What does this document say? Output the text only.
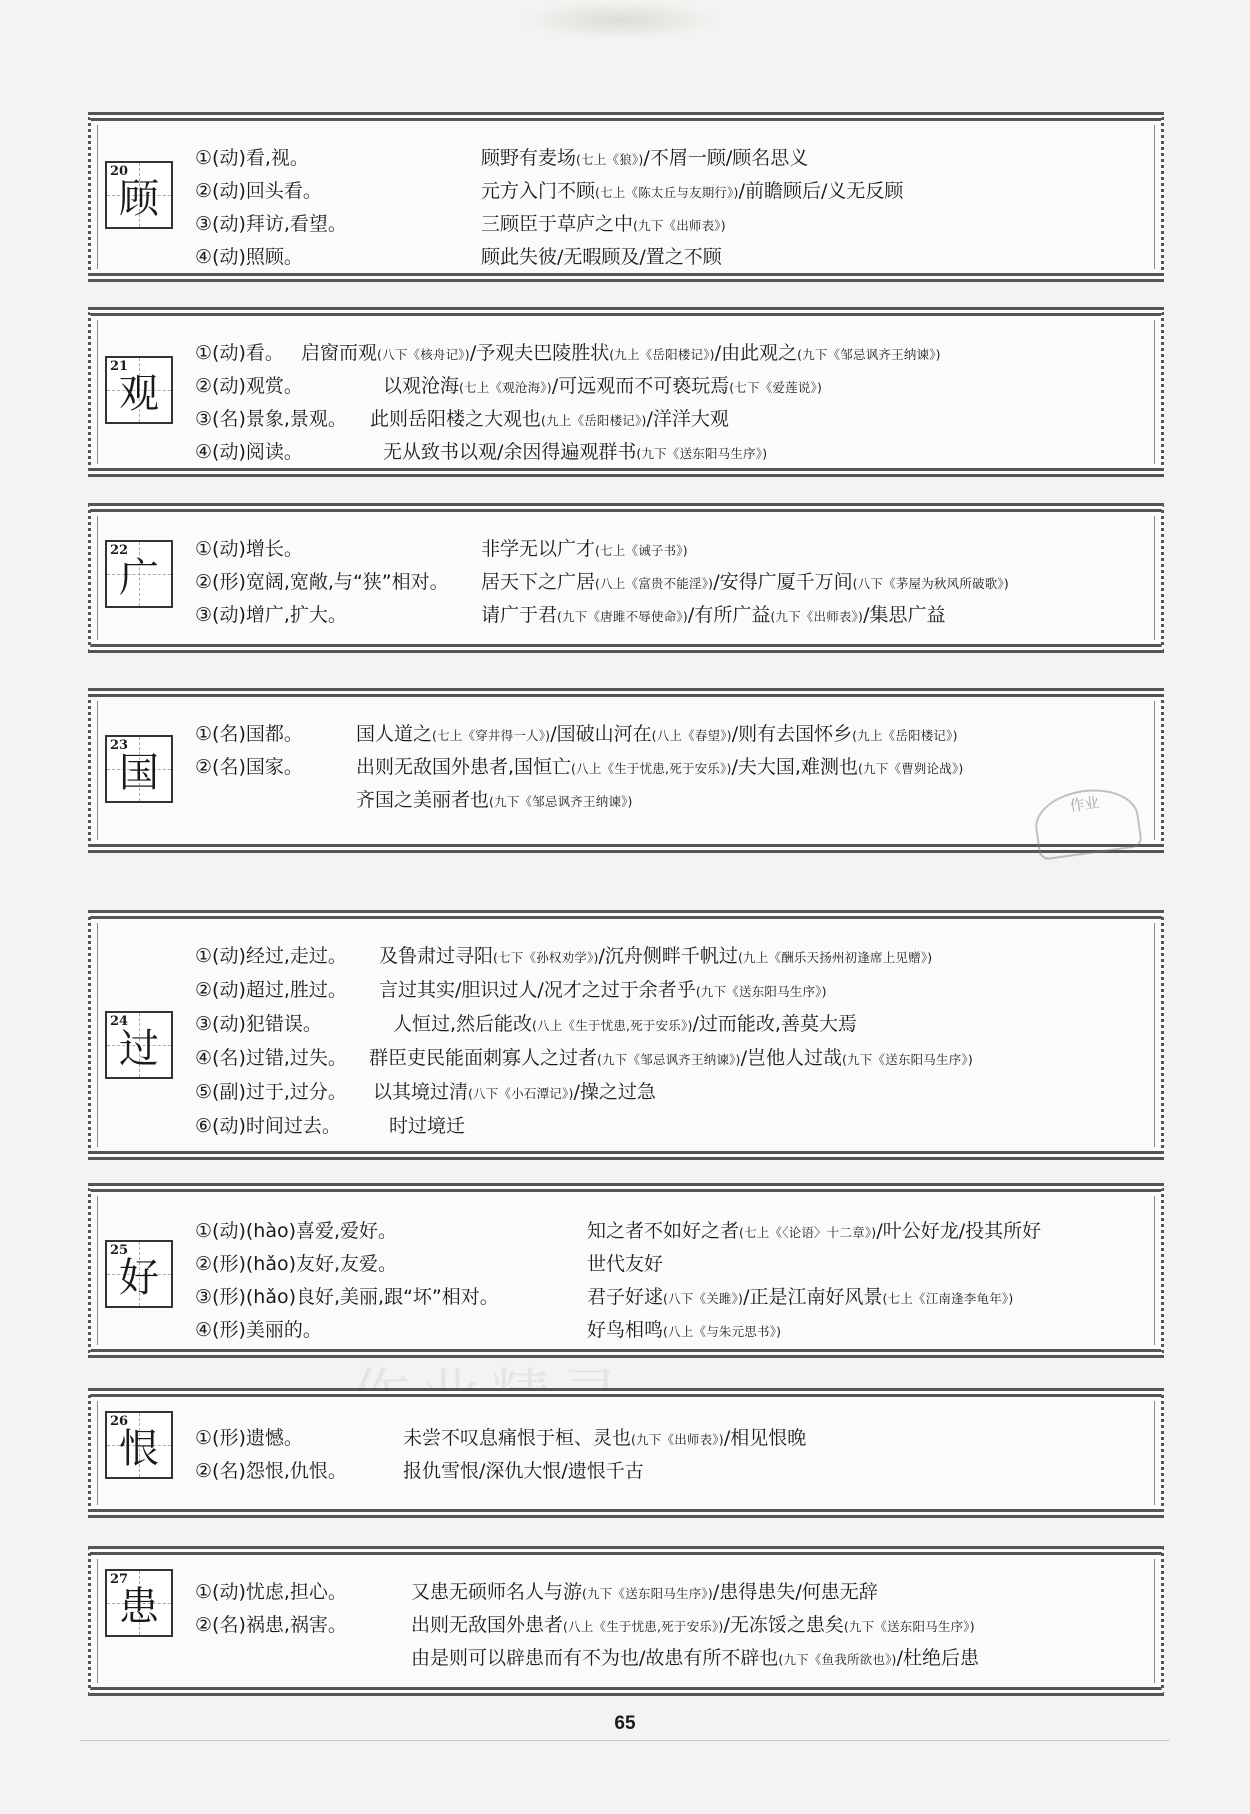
20
顾
①(动)看,视。	顾野有麦场(七上《狼》)/不屑一顾/顾名思义
②(动)回头看。	元方入门不顾(七上《陈太丘与友期行》)/前瞻顾后/义无反顾
③(动)拜访,看望。	三顾臣于草庐之中(九下《出师表》)
④(动)照顾。	顾此失彼/无暇顾及/置之不顾
21
观
①(动)看。 启窗而观(八下《核舟记》)/予观夫巴陵胜状(九上《岳阳楼记》)/由此观之(九下《邹忌讽齐王纳谏》)
②(动)观赏。	以观沧海(七上《观沧海》)/可远观而不可亵玩焉(七下《爱莲说》)
③(名)景象,景观。 此则岳阳楼之大观也(九上《岳阳楼记》)/洋洋大观
④(动)阅读。	无从致书以观/余因得遍观群书(九下《送东阳马生序》)
22
广
①(动)增长。	非学无以广才(七上《诫子书》)
②(形)宽阔,宽敞,与“狭”相对。 居天下之广居(八上《富贵不能淫》)/安得广厦千万间(八下《茅屋为秋风所破歌》)
③(动)增广,扩大。	请广于君(九下《唐雎不辱使命》)/有所广益(九下《出师表》)/集思广益
23
国
①(名)国都。	国人道之(七上《穿井得一人》)/国破山河在(八上《春望》)/则有去国怀乡(九上《岳阳楼记》)
②(名)国家。	出则无敌国外患者,国恒亡(八上《生于忧患,死于安乐》)/夫大国,难测也(九下《曹刿论战》)
齐国之美丽者也(九下《邹忌讽齐王纳谏》)	作业
24
过
①(动)经过,走过。 及鲁肃过寻阳(七下《孙权劝学》)/沉舟侧畔千帆过(九上《酬乐天扬州初逢席上见赠》)
②(动)超过,胜过。 言过其实/胆识过人/况才之过于余者乎(九下《送东阳马生序》)
③(动)犯错误。	人恒过,然后能改(八上《生于忧患,死于安乐》)/过而能改,善莫大焉
④(名)过错,过失。 群臣吏民能面刺寡人之过者(九下《邹忌讽齐王纳谏》)/岂他人过哉(九下《送东阳马生序》)
⑤(副)过于,过分。 以其境过清(八下《小石潭记》)/操之过急
⑥(动)时间过去。	时过境迁
25
好
①(动)(hào)喜爱,爱好。	知之者不如好之者(七上《〈论语〉十二章》)/叶公好龙/投其所好
②(形)(hǎo)友好,友爱。	世代友好
③(形)(hǎo)良好,美丽,跟“坏”相对。	君子好逑(八下《关雎》)/正是江南好风景(七上《江南逢李龟年》)
④(形)美丽的。	好鸟相鸣(八上《与朱元思书》)
26
恨	①(形)遗憾。	未尝不叹息痛恨于桓、灵也(九下《出师表》)/相见恨晚
②(名)怨恨,仇恨。	报仇雪恨/深仇大恨/遗恨千古
27
患	①(动)忧虑,担心。	又患无硕师名人与游(九下《送东阳马生序》)/患得患失/何患无辞
②(名)祸患,祸害。	出则无敌国外患者(八上《生于忧患,死于安乐》)/无冻馁之患矣(九下《送东阳马生序》)
由是则可以辟患而有不为也/故患有所不辟也(九下《鱼我所欲也》)/杜绝后患
65
